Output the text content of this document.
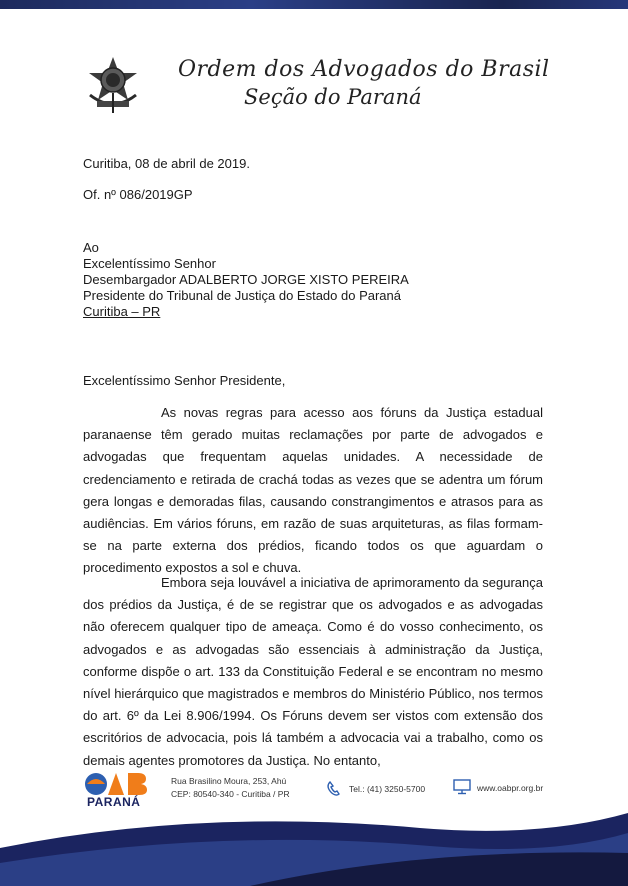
Ordem dos Advogados do Brasil
Seção do Paraná
Curitiba, 08 de abril de 2019.
Of. nº 086/2019GP
Ao
Excelentíssimo Senhor
Desembargador ADALBERTO JORGE XISTO PEREIRA
Presidente do Tribunal de Justiça do Estado do Paraná
Curitiba – PR
Excelentíssimo Senhor Presidente,

As novas regras para acesso aos fóruns da Justiça estadual paranaense têm gerado muitas reclamações por parte de advogados e advogadas que frequentam aquelas unidades. A necessidade de credenciamento e retirada de crachá todas as vezes que se adentra um fórum gera longas e demoradas filas, causando constrangimentos e atrasos para as audiências. Em vários fóruns, em razão de suas arquiteturas, as filas formam-se na parte externa dos prédios, ficando todos os que aguardam o procedimento expostos a sol e chuva.

Embora seja louvável a iniciativa de aprimoramento da segurança dos prédios da Justiça, é de se registrar que os advogados e as advogadas não oferecem qualquer tipo de ameaça. Como é do vosso conhecimento, os advogados e as advogadas são essenciais à administração da Justiça, conforme dispõe o art. 133 da Constituição Federal e se encontram no mesmo nível hierárquico que magistrados e membros do Ministério Público, nos termos do art. 6º da Lei 8.906/1994. Os Fóruns devem ser vistos com extensão dos escritórios de advocacia, pois lá também a advocacia vai a trabalho, como os demais agentes promotores da Justiça. No entanto,

PARANÁ
Rua Brasilino Moura, 253, Ahú
CEP: 80540-340 - Curitiba / PR	Tel.: (41) 3250-5700	www.oabpr.org.br
